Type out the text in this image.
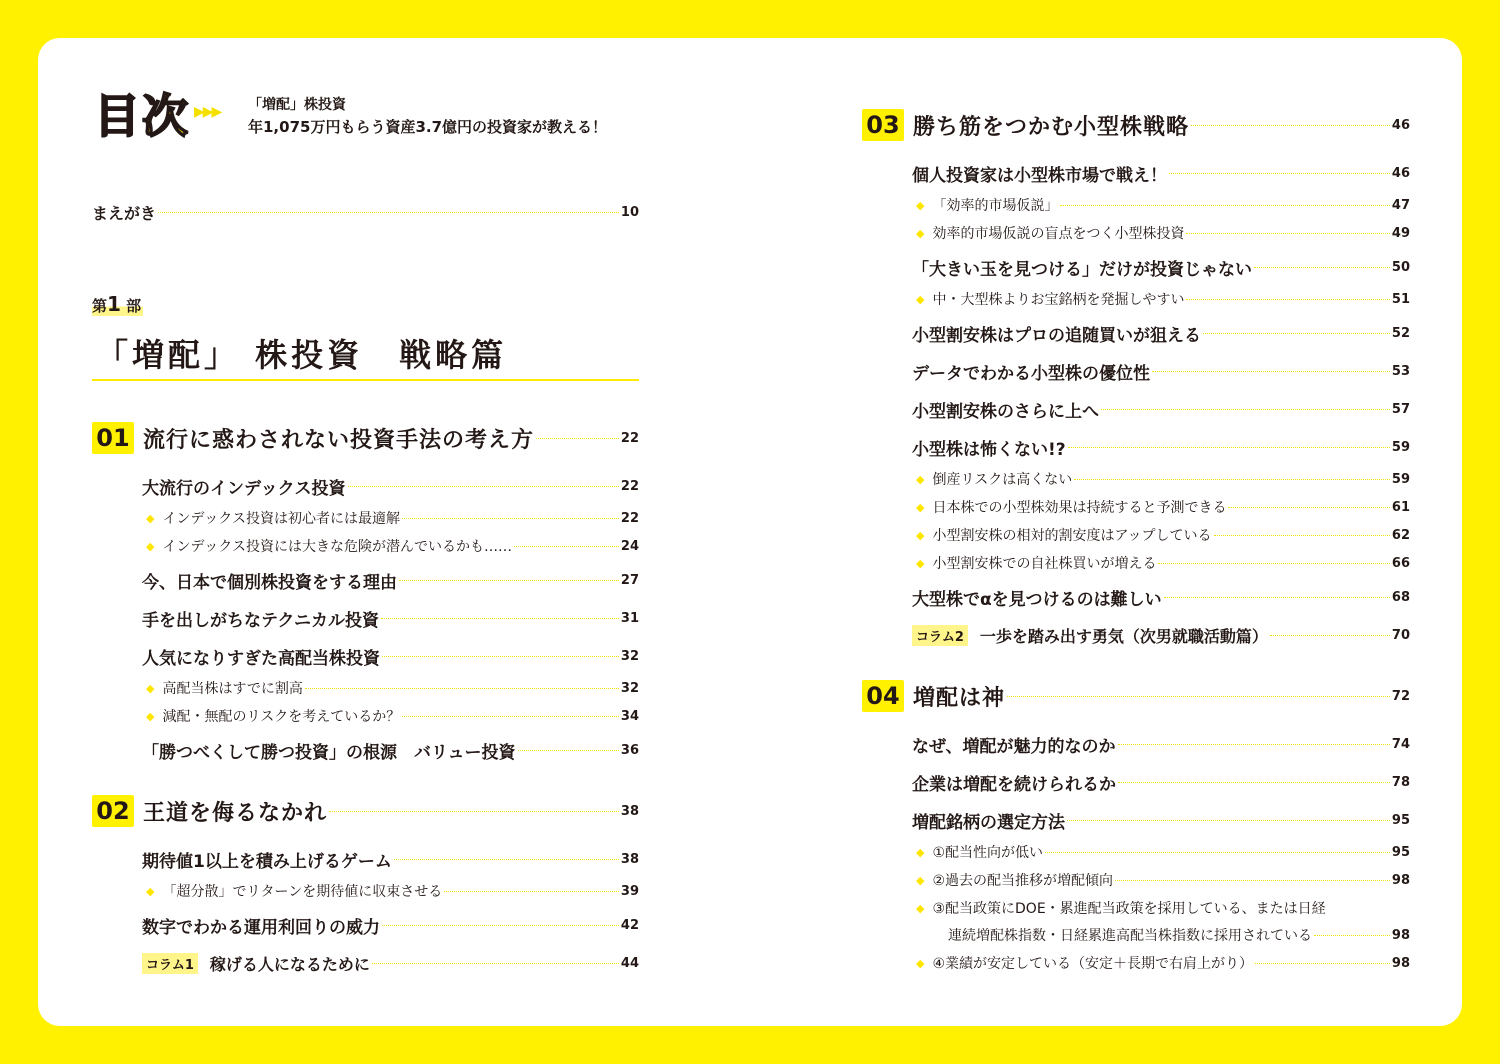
目次 ▶▶▶ 「増配」株投資
年1,075万円もらう資産3.7億円の投資家が教える！
まえがき	10
第1 部
「増配」 株投資　戦略篇
01 流行に惑わされない投資手法の考え方	22
大流行のインデックス投資	22
◆ インデックス投資は初心者には最適解	22
◆ インデックス投資には大きな危険が潜んでいるかも……	24
今、日本で個別株投資をする理由	27
手を出しがちなテクニカル投資	31
人気になりすぎた高配当株投資	32
◆ 高配当株はすでに割高	32
◆ 減配・無配のリスクを考えているか？	34
「勝つべくして勝つ投資」の根源　バリュー投資	36
02 王道を侮るなかれ	38
期待値1以上を積み上げるゲーム	38
◆ 「超分散」でリターンを期待値に収束させる	39
数字でわかる運用利回りの威力	42
コラム1 稼げる人になるために	44
03 勝ち筋をつかむ小型株戦略	46
個人投資家は小型株市場で戦え！	46
◆ 「効率的市場仮説」	47
◆ 効率的市場仮説の盲点をつく小型株投資	49
「大きい玉を見つける」だけが投資じゃない	50
◆ 中・大型株よりお宝銘柄を発掘しやすい	51
小型割安株はプロの追随買いが狙える	52
データでわかる小型株の優位性	53
小型割安株のさらに上へ	57
小型株は怖くない!?	59
◆ 倒産リスクは高くない	59
◆ 日本株での小型株効果は持続すると予測できる	61
◆ 小型割安株の相対的割安度はアップしている	62
◆ 小型割安株での自社株買いが増える	66
大型株でαを見つけるのは難しい	68
コラム2 一歩を踏み出す勇気（次男就職活動篇）	70
04 増配は神	72
なぜ、増配が魅力的なのか	74
企業は増配を続けられるか	78
増配銘柄の選定方法	95
◆ ①配当性向が低い	95
◆ ②過去の配当推移が増配傾向	98
◆ ③配当政策にDOE・累進配当政策を採用している、または日経
連続増配株指数・日経累進高配当株指数に採用されている	98
◆ ④業績が安定している（安定＋長期で右肩上がり）	98
